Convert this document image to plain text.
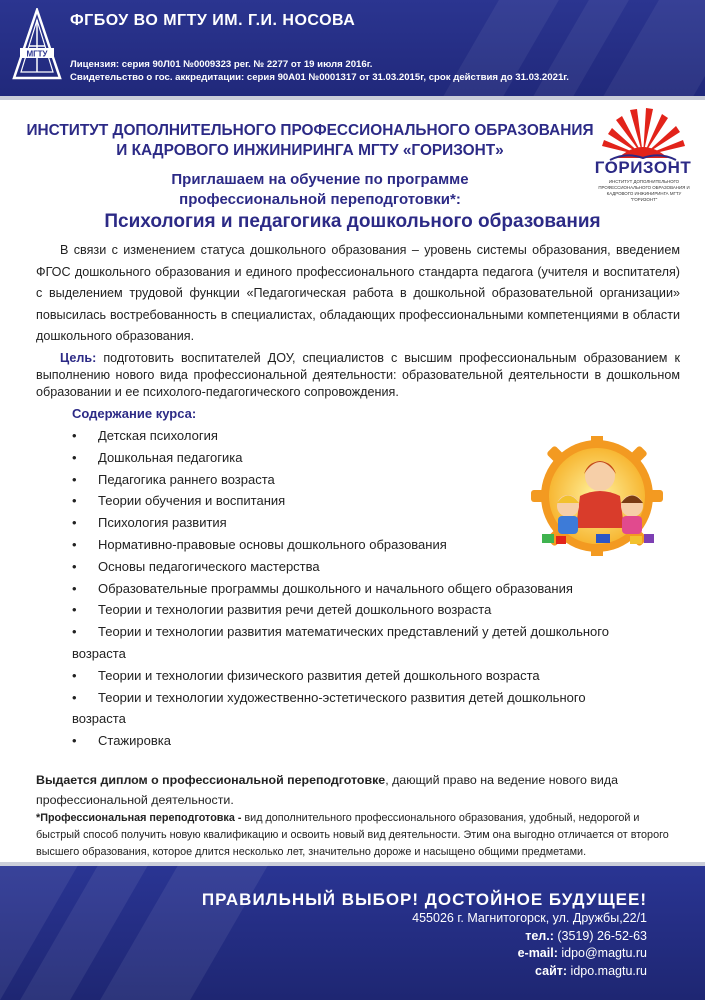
МГТУ
ФГБОУ ВО МГТУ ИМ. Г.И. НОСОВА
Лицензия: серия 90Л01 №0009323 рег. № 2277 от 19 июля 2016г.
Свидетельство о гос. аккредитации: серия 90А01 №0001317 от 31.03.2015г, срок действия до 31.03.2021г.
ГОРИЗОНТ
ИНСТИТУТ ДОПОЛНИТЕЛЬНОГО ПРОФЕССИОНАЛЬНОГО ОБРАЗОВАНИЯ И КАДРОВОГО ИНЖИНИРИНГА МГТУ "ГОРИЗОНТ"
ИНСТИТУТ ДОПОЛНИТЕЛЬНОГО ПРОФЕССИОНАЛЬНОГО ОБРАЗОВАНИЯ
И КАДРОВОГО ИНЖИНИРИНГА МГТУ «ГОРИЗОНТ»
Приглашаем на обучение по программе
профессиональной переподготовки*:
Психология и педагогика дошкольного образования

В связи с изменением статуса дошкольного образования – уровень системы образования, введением ФГОС дошкольного образования и единого профессионального стандарта педагога (учителя и воспитателя) с выделением трудовой функции «Педагогическая работа в дошкольной образовательной организации» повысилась востребованность в специалистах, обладающих профессиональными компетенциями в области дошкольного образования.

Цель: подготовить воспитателей ДОУ, специалистов с высшим профессиональным образованием к выполнению нового вида профессиональной деятельности: образовательной деятельности в дошкольном образовании и ее психолого-педагогического сопровождения.

Содержание курса:
• Детская психология
• Дошкольная педагогика
• Педагогика раннего возраста
• Теории обучения и воспитания
• Психология развития
• Нормативно-правовые основы дошкольного образования
• Основы педагогического мастерства
• Образовательные программы дошкольного и начального общего образования
• Теории и технологии развития речи детей дошкольного возраста
• Теории и технологии развития математических представлений у детей дошкольного
возраста
• Теории и технологии физического развития детей дошкольного возраста
• Теории и технологии художественно-эстетического развития детей дошкольного
возраста
• Стажировка
Выдается диплом о профессиональной переподготовке, дающий право на ведение нового вида профессиональной деятельности.
*Профессиональная переподготовка - вид дополнительного профессионального образования, удобный, недорогой и быстрый способ получить новую квалификацию и освоить новый вид деятельности. Этим она выгодно отличается от второго высшего образования, которое длится несколько лет, значительно дороже и насыщено общими предметами.
ПРАВИЛЬНЫЙ ВЫБОР! ДОСТОЙНОЕ БУДУЩЕЕ!
455026 г. Магнитогорск, ул. Дружбы,22/1
тел.: (3519) 26-52-63
e-mail: idpo@magtu.ru
сайт: idpo.magtu.ru
